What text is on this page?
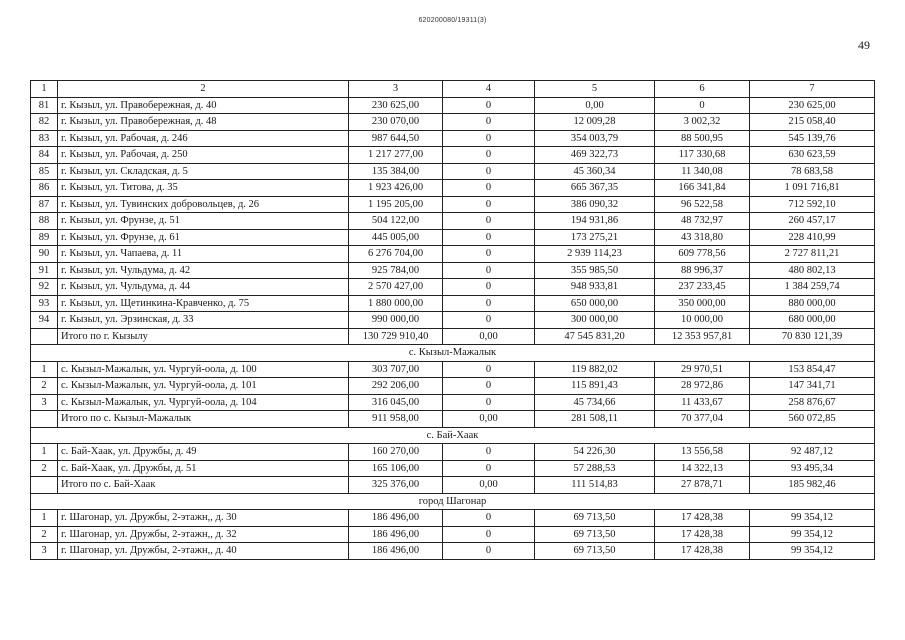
620200080/19311(3)
49
1	2	3	4	5	6	7
81	г. Кызыл, ул. Правобережная, д. 40	230 625,00	0	0,00	0	230 625,00
82	г. Кызыл, ул. Правобережная, д. 48	230 070,00	0	12 009,28	3 002,32	215 058,40
83	г. Кызыл, ул. Рабочая, д. 246	987 644,50	0	354 003,79	88 500,95	545 139,76
84	г. Кызыл, ул. Рабочая, д. 250	1 217 277,00	0	469 322,73	117 330,68	630 623,59
85	г. Кызыл, ул. Складская, д. 5	135 384,00	0	45 360,34	11 340,08	78 683,58
86	г. Кызыл, ул. Титова, д. 35	1 923 426,00	0	665 367,35	166 341,84	1 091 716,81
87	г. Кызыл, ул. Тувинских добровольцев, д. 26	1 195 205,00	0	386 090,32	96 522,58	712 592,10
88	г. Кызыл, ул. Фрунзе, д. 51	504 122,00	0	194 931,86	48 732,97	260 457,17
89	г. Кызыл, ул. Фрунзе, д. 61	445 005,00	0	173 275,21	43 318,80	228 410,99
90	г. Кызыл, ул. Чапаева, д. 11	6 276 704,00	0	2 939 114,23	609 778,56	2 727 811,21
91	г. Кызыл, ул. Чульдума, д. 42	925 784,00	0	355 985,50	88 996,37	480 802,13
92	г. Кызыл, ул. Чульдума, д. 44	2 570 427,00	0	948 933,81	237 233,45	1 384 259,74
93	г. Кызыл, ул. Щетинкина-Кравченко, д. 75	1 880 000,00	0	650 000,00	350 000,00	880 000,00
94	г. Кызыл, ул. Эрзинская, д. 33	990 000,00	0	300 000,00	10 000,00	680 000,00
	Итого по г. Кызылу	130 729 910,40	0,00	47 545 831,20	12 353 957,81	70 830 121,39
с. Кызыл-Мажалык						
1	с. Кызыл-Мажалык, ул. Чургуй-оола, д. 100	303 707,00	0	119 882,02	29 970,51	153 854,47
2	с. Кызыл-Мажалык, ул. Чургуй-оола, д. 101	292 206,00	0	115 891,43	28 972,86	147 341,71
3	с. Кызыл-Мажалык, ул. Чургуй-оола, д. 104	316 045,00	0	45 734,66	11 433,67	258 876,67
	Итого по с. Кызыл-Мажалык	911 958,00	0,00	281 508,11	70 377,04	560 072,85
с. Бай-Хаак						
1	с. Бай-Хаак, ул. Дружбы, д. 49	160 270,00	0	54 226,30	13 556,58	92 487,12
2	с. Бай-Хаак, ул. Дружбы, д. 51	165 106,00	0	57 288,53	14 322,13	93 495,34
	Итого по с. Бай-Хаак	325 376,00	0,00	111 514,83	27 878,71	185 982,46
город Шагонар						
1	г. Шагонар, ул. Дружбы, 2-этажн,, д. 30	186 496,00	0	69 713,50	17 428,38	99 354,12
2	г. Шагонар, ул. Дружбы, 2-этажн,, д. 32	186 496,00	0	69 713,50	17 428,38	99 354,12
3	г. Шагонар, ул. Дружбы, 2-этажн,, д. 40	186 496,00	0	69 713,50	17 428,38	99 354,12
